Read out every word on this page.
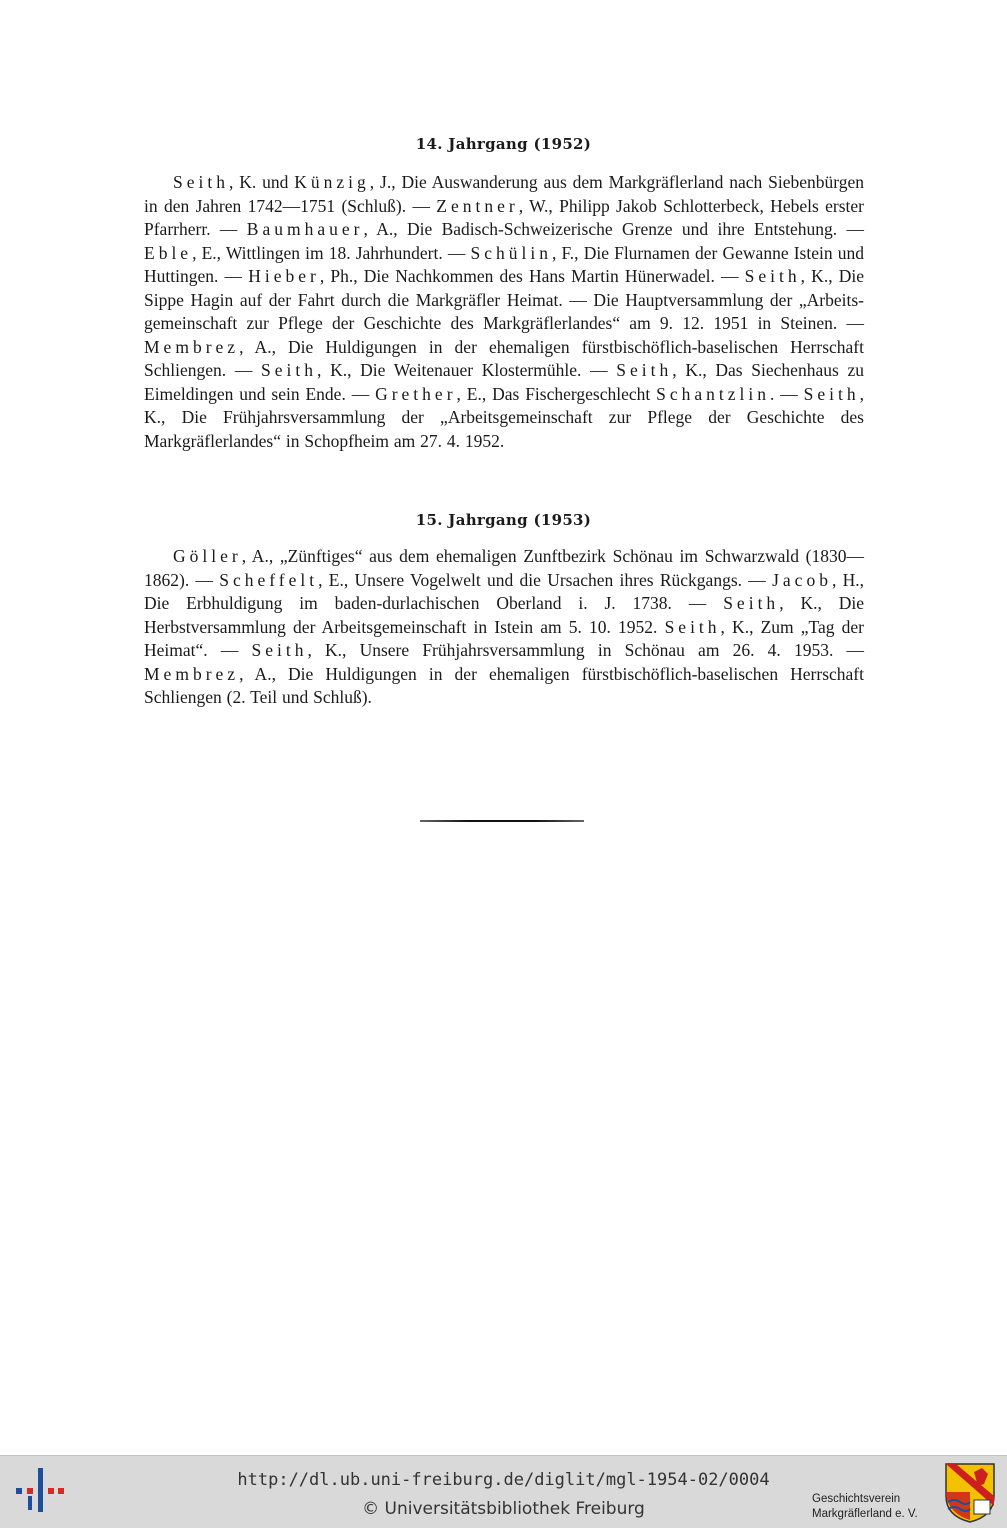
14. Jahrgang (1952)
Seith, K. und Künzig, J., Die Auswanderung aus dem Markgräflerland nach Siebenbürgen in den Jahren 1742—1751 (Schluß). — Zentner, W., Philipp Jakob Schlotterbeck, Hebels erster Pfarrherr. — Baumhauer, A., Die Badisch-Schweizerische Grenze und ihre Entstehung. — Eble, E., Wittlingen im 18. Jahrhundert. — Schülin, F., Die Flurnamen der Gewanne Istein und Huttingen. — Hieber, Ph., Die Nachkommen des Hans Martin Hünerwadel. — Seith, K., Die Sippe Hagin auf der Fahrt durch die Markgräfler Heimat. — Die Hauptversammlung der „Arbeitsgemeinschaft zur Pflege der Geschichte des Markgräflerlandes“ am 9. 12. 1951 in Steinen. — Membrez, A., Die Huldigungen in der ehemaligen fürstbischöflich-baselischen Herrschaft Schliengen. — Seith, K., Die Weitenauer Klostermühle. — Seith, K., Das Siechenhaus zu Eimeldingen und sein Ende. — Grether, E., Das Fischergeschlecht Schantzlin. — Seith, K., Die Frühjahrsversammlung der „Arbeitsgemeinschaft zur Pflege der Geschichte des Markgräflerlandes“ in Schopfheim am 27. 4. 1952.
15. Jahrgang (1953)
Göller, A., „Zünftiges“ aus dem ehemaligen Zunftbezirk Schönau im Schwarzwald (1830—1862). — Scheffelt, E., Unsere Vogelwelt und die Ursachen ihres Rückgangs. — Jacob, H., Die Erbhuldigung im baden-durlachischen Oberland i. J. 1738. — Seith, K., Die Herbstversammlung der Arbeitsgemeinschaft in Istein am 5. 10. 1952. Seith, K., Zum „Tag der Heimat“. — Seith, K., Unsere Frühjahrsversammlung in Schönau am 26. 4. 1953. — Membrez, A., Die Huldigungen in der ehemaligen fürstbischöflich-baselischen Herrschaft Schliengen (2. Teil und Schluß).
http://dl.ub.uni-freiburg.de/diglit/mgl-1954-02/0004
© Universitätsbibliothek Freiburg	Geschichtsverein
Markgräflerland e. V.
